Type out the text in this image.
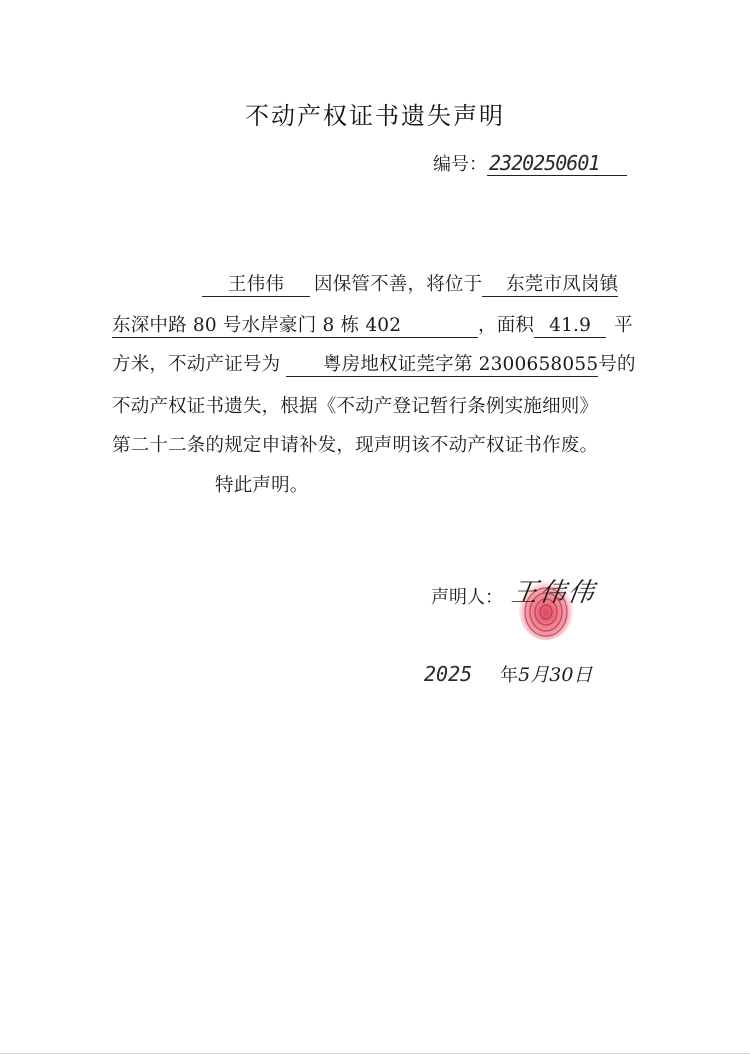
不动产权证书遗失声明
编号： 2320250601
王伟伟 因保管不善，将位于 东莞市凤岗镇
东深中路 80 号水岸豪门 8 栋 402	，面积 41.9 平
方米，不动产证号为 粤房地权证莞字第 2300658055号的
不动产权证书遗失，根据《不动产登记暂行条例实施细则》
第二十二条的规定申请补发，现声明该不动产权证书作废。
特此声明。
声明人： 王伟伟
2025 年5月30日
